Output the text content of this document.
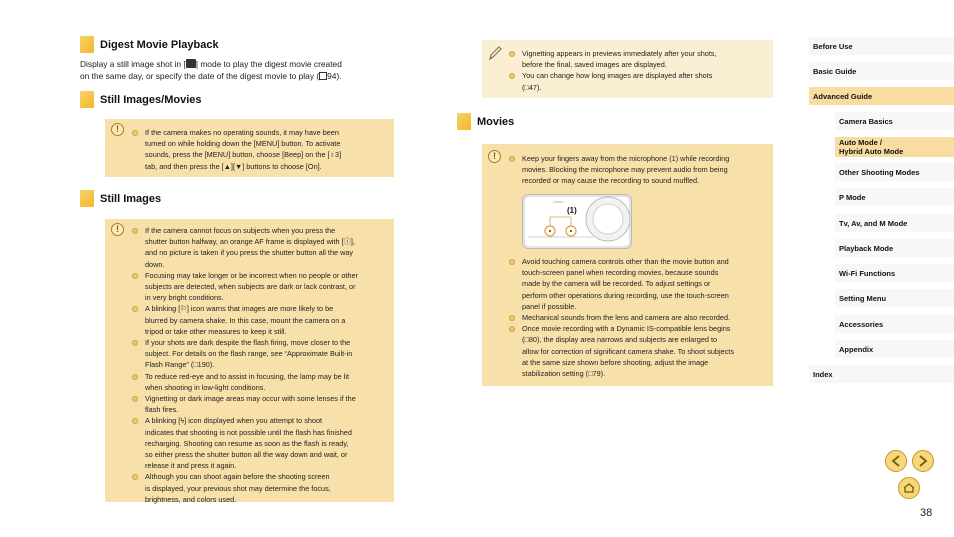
Digest Movie Playback
Display a still image shot in [ ] mode to play the digest movie created
on the same day, or specify the date of the digest movie to play ( 94).
Still Images/Movies
!	If the camera makes no operating sounds, it may have been
turned on while holding down the [MENU] button. To activate
sounds, press the [MENU] button, choose [Beep] on the [♁3]
tab, and then press the [▲][▼] buttons to choose [On].
Still Images
!	If the camera cannot focus on subjects when you press the
shutter button halfway, an orange AF frame is displayed with [ⓘ],
and no picture is taken if you press the shutter button all the way
down.
Focusing may take longer or be incorrect when no people or other
subjects are detected, when subjects are dark or lack contrast, or
in very bright conditions.
A blinking [⚐] icon warns that images are more likely to be
blurred by camera shake. In this case, mount the camera on a
tripod or take other measures to keep it still.
If your shots are dark despite the flash firing, move closer to the
subject. For details on the flash range, see “Approximate Built-in
Flash Range” (□190).
To reduce red-eye and to assist in focusing, the lamp may be lit
when shooting in low-light conditions.
Vignetting or dark image areas may occur with some lenses if the
flash fires.
A blinking [ϟ] icon displayed when you attempt to shoot
indicates that shooting is not possible until the flash has finished
recharging. Shooting can resume as soon as the flash is ready,
so either press the shutter button all the way down and wait, or
release it and press it again.
Although you can shoot again before the shooting screen
is displayed, your previous shot may determine the focus,
brightness, and colors used.
Vignetting appears in previews immediately after your shots,
before the final, saved images are displayed.
You can change how long images are displayed after shots
(□47).
Movies
!	Keep your fingers away from the microphone (1) while recording
movies. Blocking the microphone may prevent audio from being
recorded or may cause the recording to sound muffled.
Canon
(1)
Avoid touching camera controls other than the movie button and
touch-screen panel when recording movies, because sounds
made by the camera will be recorded. To adjust settings or
perform other operations during recording, use the touch-screen
panel if possible.
Mechanical sounds from the lens and camera are also recorded.
Once movie recording with a Dynamic IS-compatible lens begins
(□80), the display area narrows and subjects are enlarged to
allow for correction of significant camera shake. To shoot subjects
at the same size shown before shooting, adjust the image
stabilization setting (□79).
Before Use
Basic Guide
Advanced Guide
Camera Basics
Auto Mode /
Hybrid Auto Mode
Other Shooting Modes
P Mode
Tv, Av, and M Mode
Playback Mode
Wi-Fi Functions
Setting Menu
Accessories
Appendix
Index
38
